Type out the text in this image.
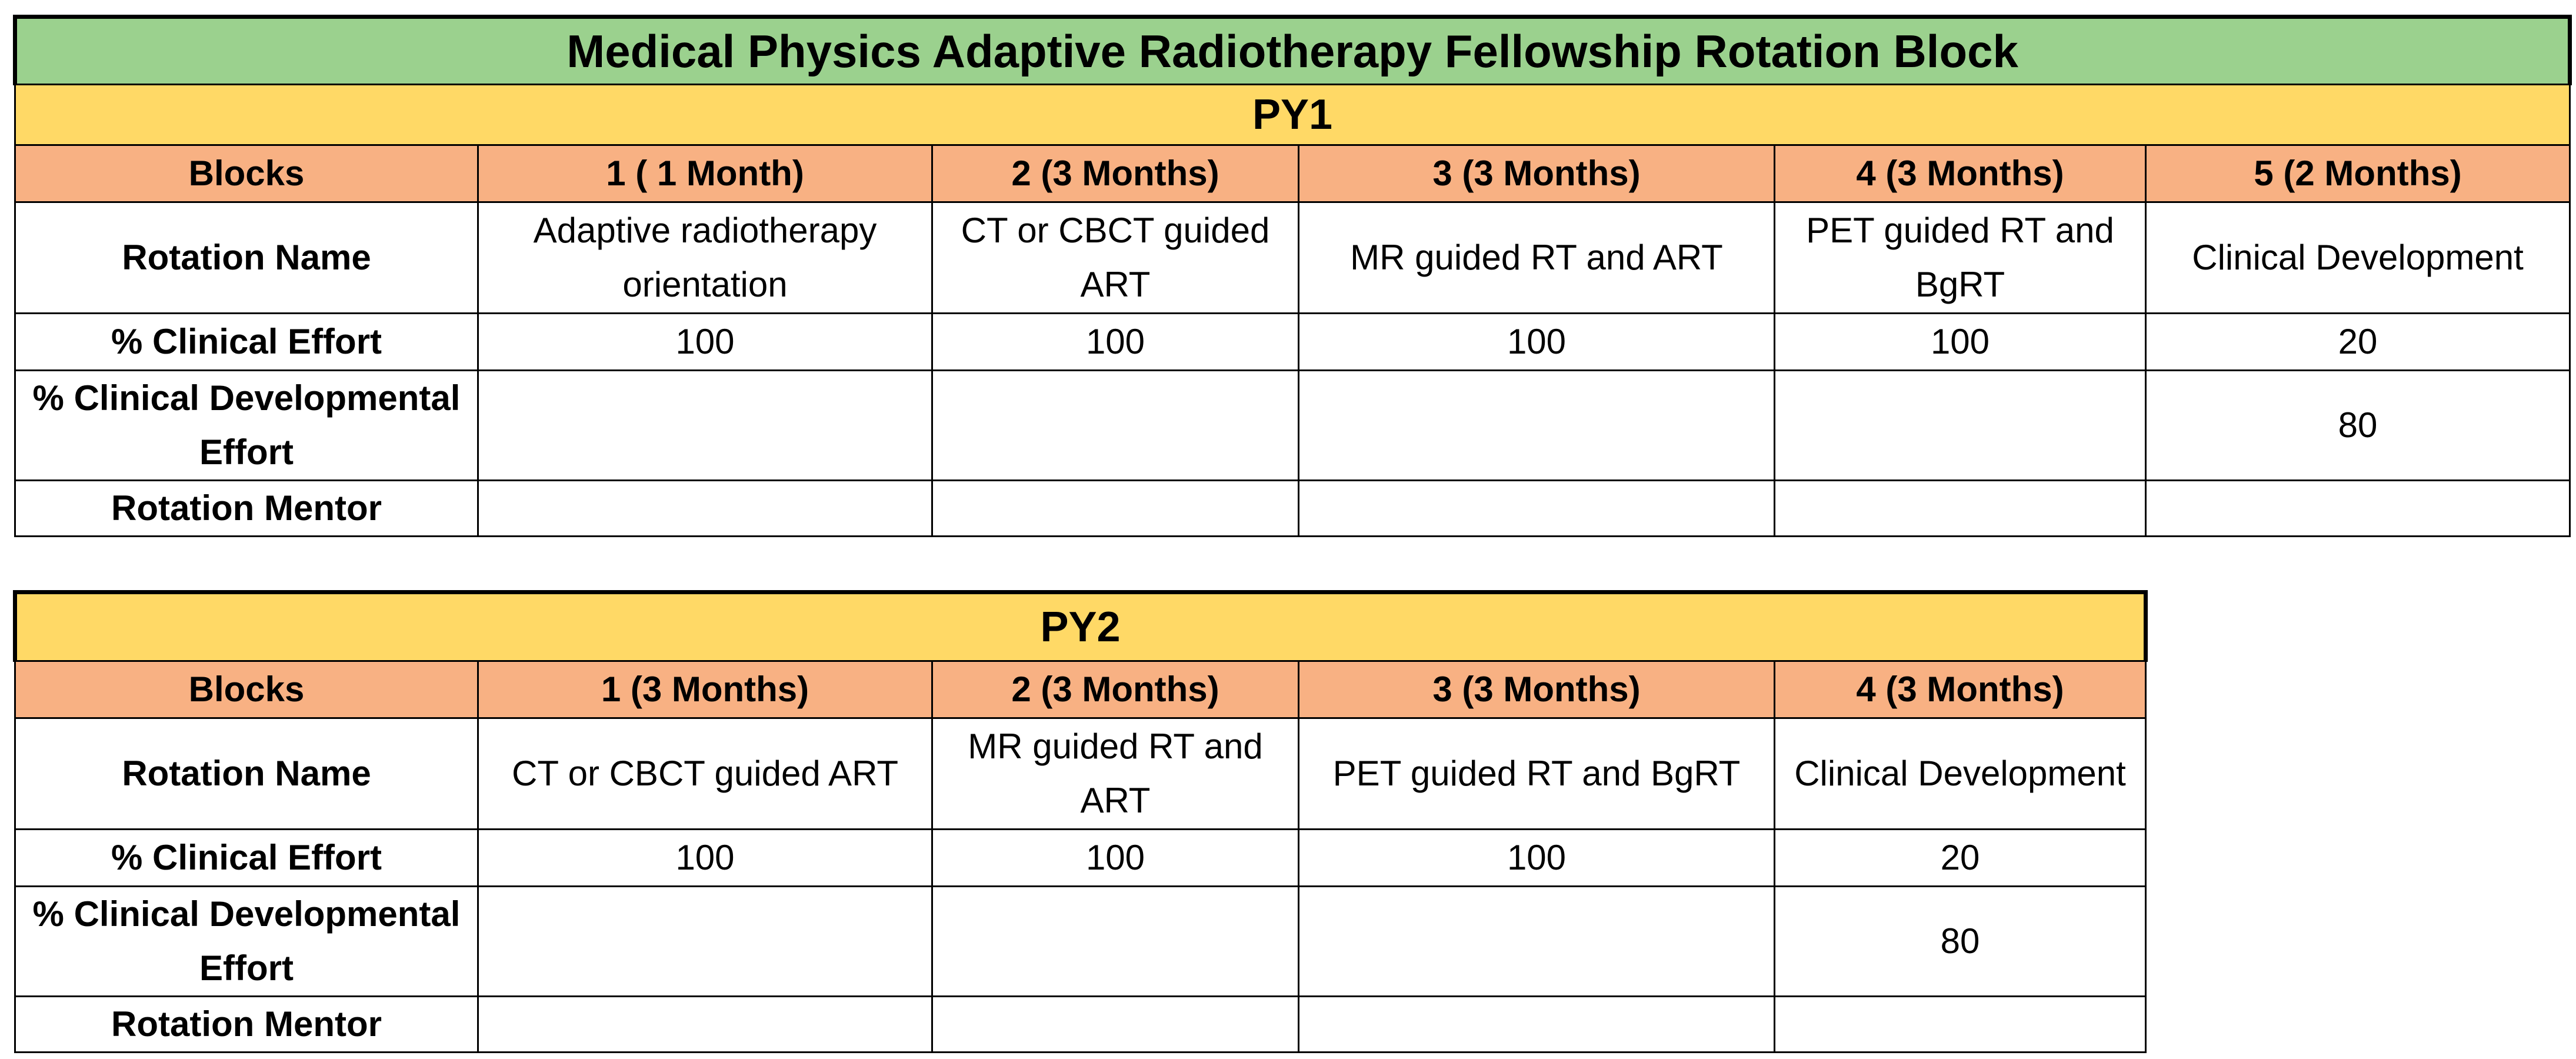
Medical Physics Adaptive Radiotherapy Fellowship Rotation Block					
PY1					
Blocks	1 ( 1 Month)	2 (3 Months)	3 (3 Months)	4 (3 Months)	5 (2 Months)
Rotation Name	Adaptive radiotherapy orientation	CT or CBCT guided ART	MR guided RT and ART	PET guided RT and BgRT	Clinical Development
% Clinical Effort	100	100	100	100	20
% Clinical Developmental Effort					80
Rotation Mentor					
PY2				
Blocks	1 (3 Months)	2 (3 Months)	3 (3 Months)	4 (3 Months)
Rotation Name	CT or CBCT guided ART	MR guided RT and ART	PET guided RT and BgRT	Clinical Development
% Clinical Effort	100	100	100	20
% Clinical Developmental Effort				80
Rotation Mentor				
